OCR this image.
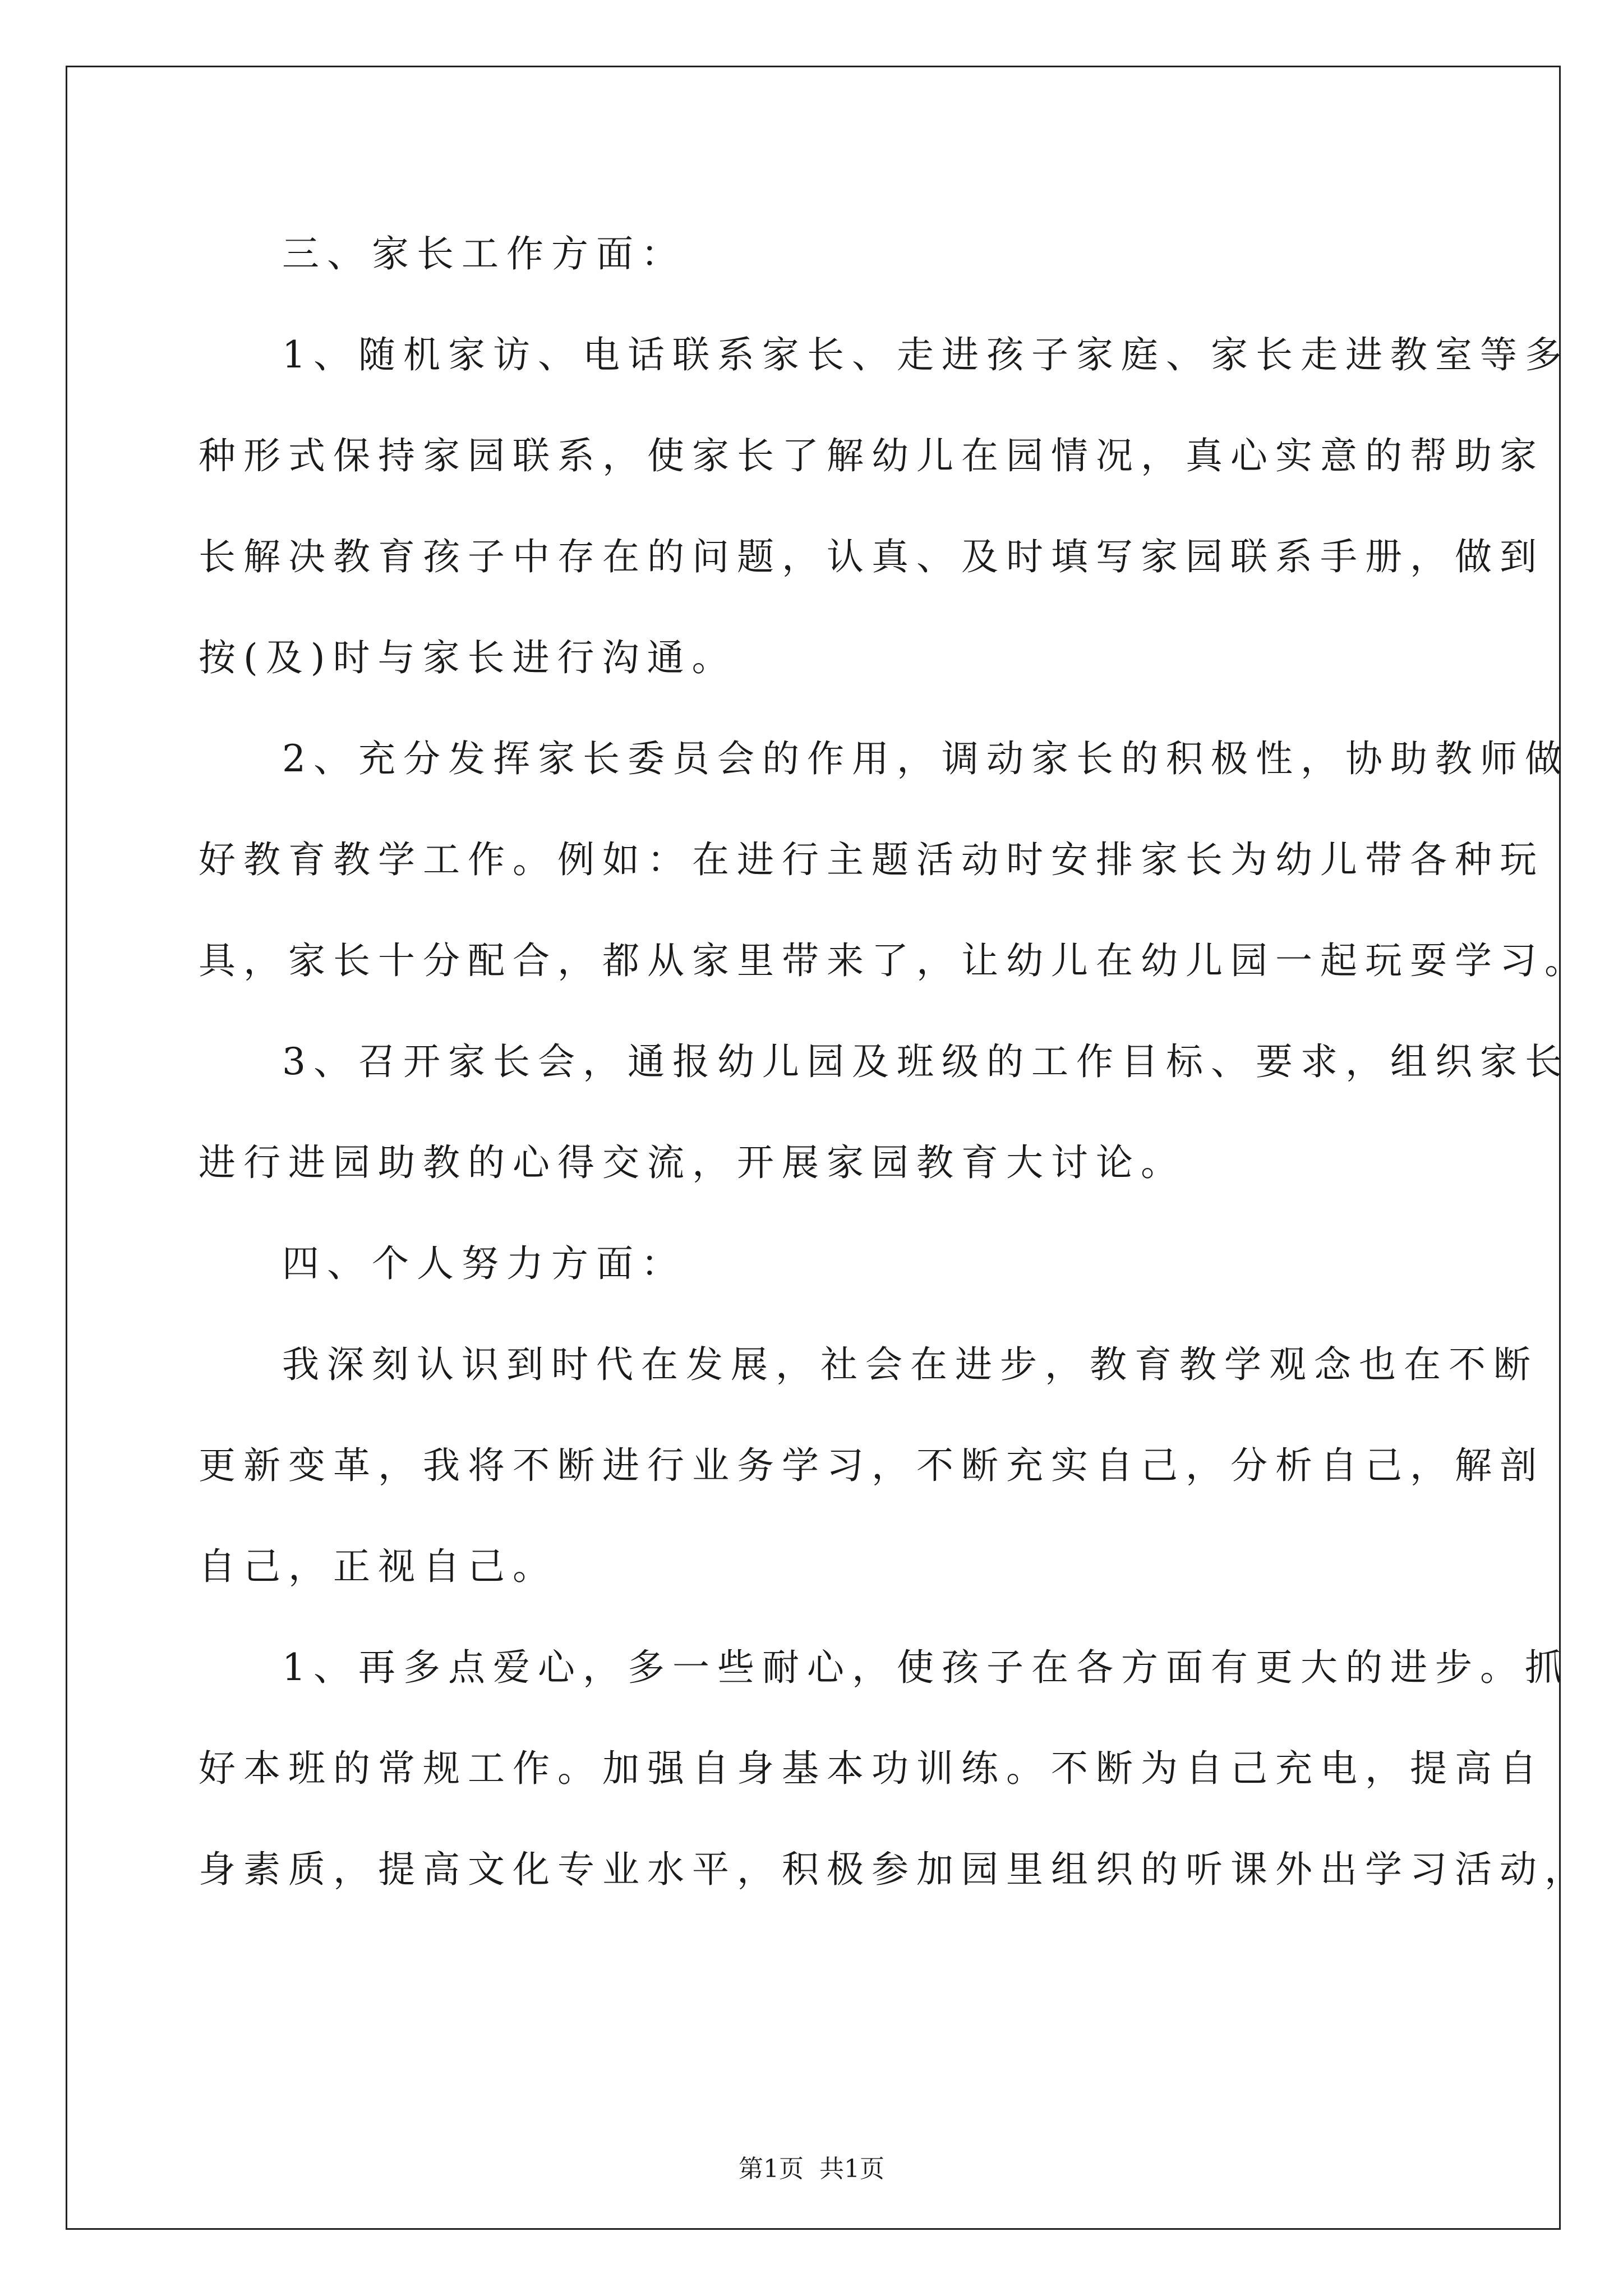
三、家长工作方面：
1、随机家访、电话联系家长、走进孩子家庭、家长走进教室等多
种形式保持家园联系，使家长了解幼儿在园情况，真心实意的帮助家
长解决教育孩子中存在的问题，认真、及时填写家园联系手册，做到
按(及)时与家长进行沟通。
2、充分发挥家长委员会的作用，调动家长的积极性，协助教师做
好教育教学工作。例如：在进行主题活动时安排家长为幼儿带各种玩
具，家长十分配合，都从家里带来了，让幼儿在幼儿园一起玩耍学习。
3、召开家长会，通报幼儿园及班级的工作目标、要求，组织家长
进行进园助教的心得交流，开展家园教育大讨论。
四、个人努力方面：
我深刻认识到时代在发展，社会在进步，教育教学观念也在不断
更新变革，我将不断进行业务学习，不断充实自己，分析自己，解剖
自己，正视自己。
1、再多点爱心，多一些耐心，使孩子在各方面有更大的进步。抓
好本班的常规工作。加强自身基本功训练。不断为自己充电，提高自
身素质，提高文化专业水平，积极参加园里组织的听课外出学习活动，
第1页  共1页
